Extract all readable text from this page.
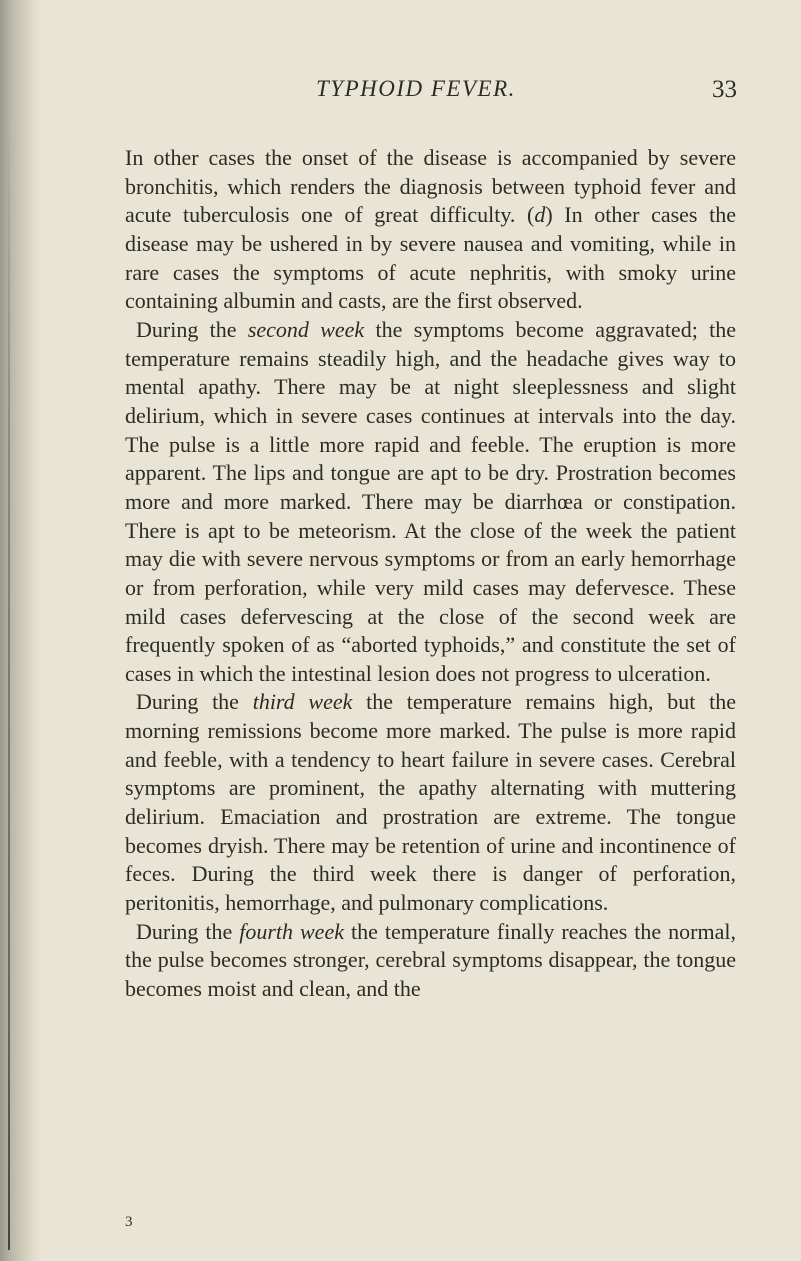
TYPHOID FEVER.	33

In other cases the onset of the disease is accompanied by severe bronchitis, which renders the diagnosis between typhoid fever and acute tuberculosis one of great difficulty. (d) In other cases the disease may be ushered in by severe nausea and vomiting, while in rare cases the symptoms of acute nephritis, with smoky urine containing albumin and casts, are the first observed.

During the second week the symptoms become aggravated; the temperature remains steadily high, and the headache gives way to mental apathy. There may be at night sleeplessness and slight delirium, which in severe cases continues at intervals into the day. The pulse is a little more rapid and feeble. The eruption is more apparent. The lips and tongue are apt to be dry. Prostration becomes more and more marked. There may be diarrhœa or constipation. There is apt to be meteorism. At the close of the week the patient may die with severe nervous symptoms or from an early hemorrhage or from perforation, while very mild cases may defervesce. These mild cases defervescing at the close of the second week are frequently spoken of as “aborted typhoids,” and constitute the set of cases in which the intestinal lesion does not progress to ulceration.

During the third week the temperature remains high, but the morning remissions become more marked. The pulse is more rapid and feeble, with a tendency to heart failure in severe cases. Cerebral symptoms are prominent, the apathy alternating with muttering delirium. Emaciation and prostration are extreme. The tongue becomes dryish. There may be retention of urine and incontinence of feces. During the third week there is danger of perforation, peritonitis, hemorrhage, and pulmonary complications.

During the fourth week the temperature finally reaches the normal, the pulse becomes stronger, cerebral symptoms disappear, the tongue becomes moist and clean, and the

3
